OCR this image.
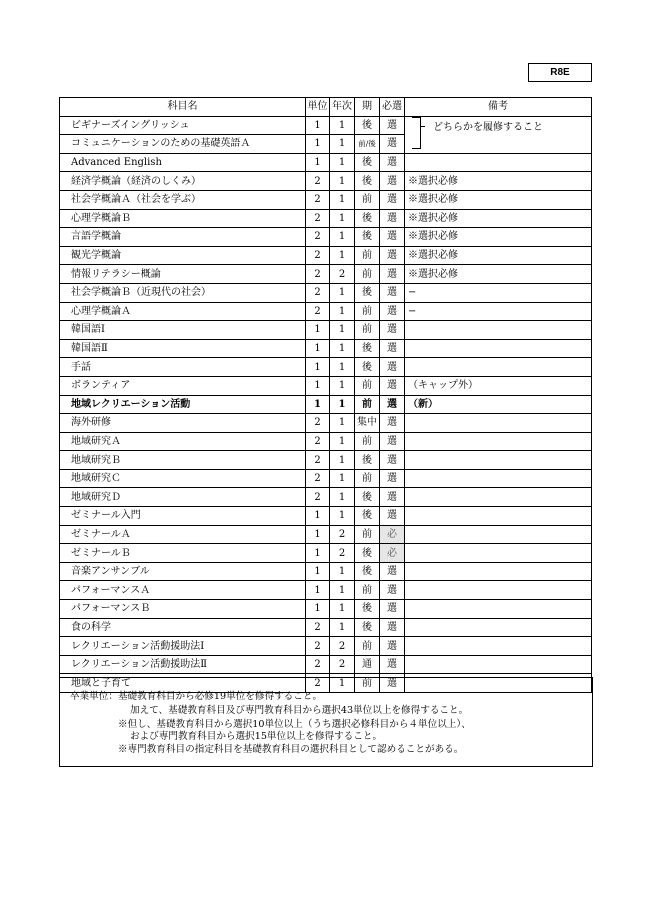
R8E
科目名	単位	年次	期	必選	備考
ビギナーズイングリッシュ	1	1	後	選	
コミュニケーションのための基礎英語Ａ	1	1	前/後	選	
Advanced English	1	1	後	選	
経済学概論（経済のしくみ）	2	1	後	選	※選択必修
社会学概論Ａ（社会を学ぶ）	2	1	前	選	※選択必修
心理学概論Ｂ	2	1	後	選	※選択必修
言語学概論	2	1	後	選	※選択必修
観光学概論	2	1	前	選	※選択必修
情報リテラシー概論	2	2	前	選	※選択必修
社会学概論Ｂ（近現代の社会）	2	1	後	選	−
心理学概論Ａ	2	1	前	選	−
韓国語Ⅰ	1	1	前	選	
韓国語Ⅱ	1	1	後	選	
手話	1	1	後	選	
ボランティア	1	1	前	選	（キャップ外）
地域レクリエーション活動	1	1	前	選	（新）
海外研修	2	1	集中	選	
地域研究Ａ	2	1	前	選	
地域研究Ｂ	2	1	後	選	
地域研究Ｃ	2	1	前	選	
地域研究Ｄ	2	1	後	選	
ゼミナール入門	1	1	後	選	
ゼミナールＡ	1	2	前	必	
ゼミナールＢ	1	2	後	必	
音楽アンサンブル	1	1	後	選	
パフォーマンスＡ	1	1	前	選	
パフォーマンスＢ	1	1	後	選	
食の科学	2	1	後	選	
レクリエーション活動援助法Ⅰ	2	2	前	選	
レクリエーション活動援助法Ⅱ	2	2	通	選	
地域と子育て	2	1	前	選	
どちらかを履修すること

卒業単位：基礎教育科目から必修19単位を修得すること。

加えて、基礎教育科目及び専門教育科目から選択43単位以上を修得すること。

※但し、基礎教育科目から選択10単位以上（うち選択必修科目から４単位以上）、

および専門教育科目から選択15単位以上を修得すること。

※専門教育科目の指定科目を基礎教育科目の選択科目として認めることがある。
